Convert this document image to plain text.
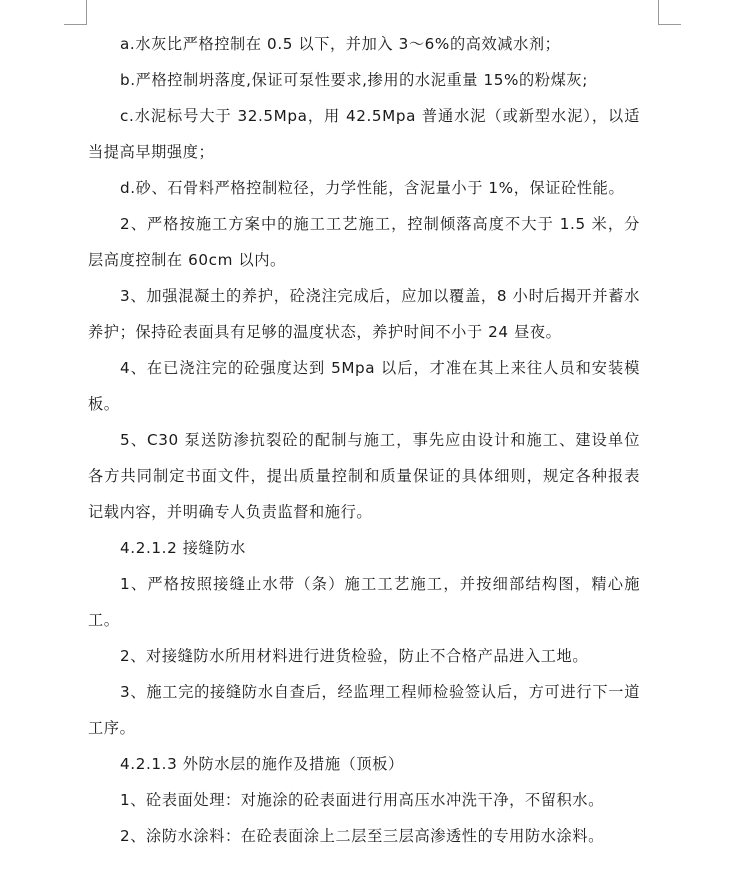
a.水灰比严格控制在 0.5 以下，并加入 3～6%的高效减水剂；

b.严格控制坍落度,保证可泵性要求,掺用的水泥重量 15%的粉煤灰;

c.水泥标号大于 32.5Mpa，用 42.5Mpa 普通水泥（或新型水泥），以适当提高早期强度；

d.砂、石骨料严格控制粒径，力学性能，含泥量小于 1%，保证砼性能。

2、严格按施工方案中的施工工艺施工，控制倾落高度不大于 1.5 米，分层高度控制在 60cm 以内。

3、加强混凝土的养护，砼浇注完成后，应加以覆盖，8 小时后揭开并蓄水养护；保持砼表面具有足够的温度状态，养护时间不小于 24 昼夜。

4、在已浇注完的砼强度达到 5Mpa 以后，才准在其上来往人员和安装模板。

5、C30 泵送防渗抗裂砼的配制与施工，事先应由设计和施工、建设单位各方共同制定书面文件，提出质量控制和质量保证的具体细则，规定各种报表记载内容，并明确专人负责监督和施行。

4.2.1.2 接缝防水

1、严格按照接缝止水带（条）施工工艺施工，并按细部结构图，精心施工。

2、对接缝防水所用材料进行进货检验，防止不合格产品进入工地。

3、施工完的接缝防水自查后，经监理工程师检验签认后，方可进行下一道工序。

4.2.1.3 外防水层的施作及措施（顶板）

1、砼表面处理：对施涂的砼表面进行用高压水冲洗干净，不留积水。

2、涂防水涂料：在砼表面涂上二层至三层高渗透性的专用防水涂料。
